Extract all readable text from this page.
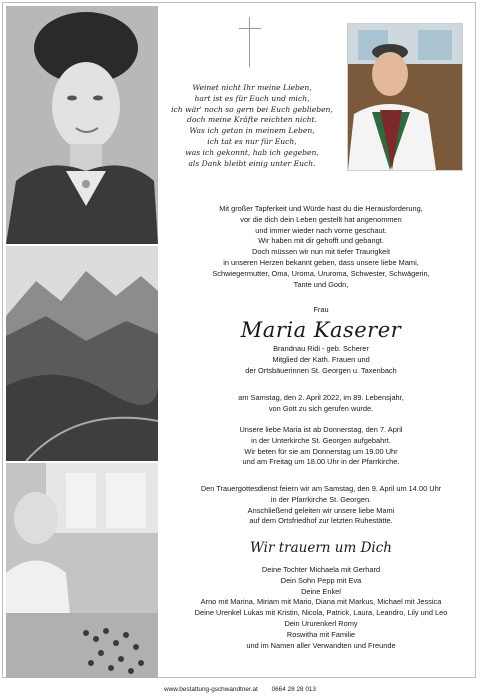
Weinet nicht Ihr meine Lieben,
hart ist es für Euch und mich,
ich wär' noch so gern bei Euch geblieben,
doch meine Kräfte reichten nicht.
Was ich getan in meinem Leben,
ich tat es nur für Euch,
was ich gekonnt, hab ich gegeben,
als Dank bleibt einig unter Euch.
Mit großer Tapferkeit und Würde hast du die Herausforderung,
vor die dich dein Leben gestellt hat angenommen
und immer wieder nach vorne geschaut.
Wir haben mit dir gehofft und gebangt.
Doch müssen wir nun mit tiefer Traurigkeit
in unseren Herzen bekannt geben, dass unsere liebe Mami,
Schwiegermutter, Oma, Uroma, Ururoma, Schwester, Schwägerin,
Tante und Godn,
Frau
Maria Kaserer
Brandnau Ridi - geb. Scherer
Mitglied der Kath. Frauen und
der Ortsbäuerinnen St. Georgen u. Taxenbach
am Samstag, den 2. April 2022, im 89. Lebensjahr,
von Gott zu sich gerufen wurde.
Unsere liebe Maria ist ab Donnerstag, den 7. April
in der Unterkirche St. Georgen aufgebahrt.
Wir beten für sie am Donnerstag um 19.00 Uhr
und am Freitag um 18.00 Uhr in der Pfarrkirche.
Den Trauergottesdienst feiern wir am Samstag, den 9. April um 14.00 Uhr
in der Pfarrkirche St. Georgen.
Anschließend geleiten wir unsere liebe Mami
auf dem Ortsfriedhof zur letzten Ruhestätte.
Wir trauern um Dich
Deine Tochter Michaela mit Gerhard
Dein Sohn Pepp mit Eva
Deine Enkel
Arno mit Marina, Miriam mit Mario, Diana mit Markus, Michael mit Jessica
Deine Urenkel Lukas mit Kristin, Nicola, Patrick, Laura, Leandro, Lily und Leo
Dein Ururenkerl Romy
Roswitha mit Familie
und im Namen aller Verwandten und Freunde
www.bestattung-gschwandtner.at 0664 28 28 013
